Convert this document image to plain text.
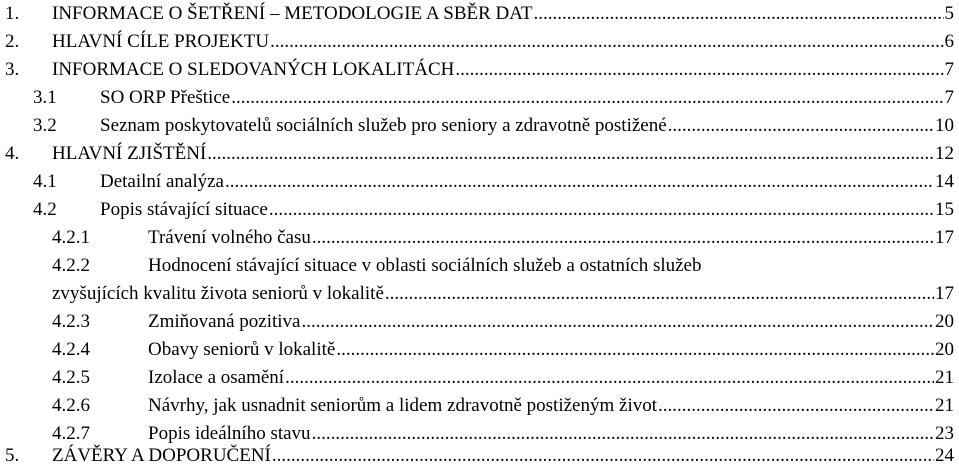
1. INFORMACE O ŠETŘENÍ – METODOLOGIE A SBĚR DAT .....	5
2. HLAVNÍ CÍLE PROJEKTU .....	6
3. INFORMACE O SLEDOVANÝCH LOKALITÁCH .....	7
3.1 SO ORP Přeštice .....	7
3.2 Seznam poskytovatelů sociálních služeb pro seniory a zdravotně postižené .....	10
4. HLAVNÍ ZJIŠTĚNÍ .....	12
4.1 Detailní analýza .....	14
4.2 Popis stávající situace .....	15
4.2.1	Trávení volného času .....	17
4.2.2	Hodnocení stávající situace v oblasti sociálních služeb a ostatních služeb
zvyšujících kvalitu života seniorů v lokalitě .....	17
4.2.3	Zmiňovaná pozitiva .....	20
4.2.4	Obavy seniorů v lokalitě .....	20
4.2.5	Izolace a osamění .....	21
4.2.6	Návrhy, jak usnadnit seniorům a lidem zdravotně postiženým život .....	21
4.2.7	Popis ideálního stavu .....	23
5. ZÁVĚRY A DOPORUČENÍ .....	24
